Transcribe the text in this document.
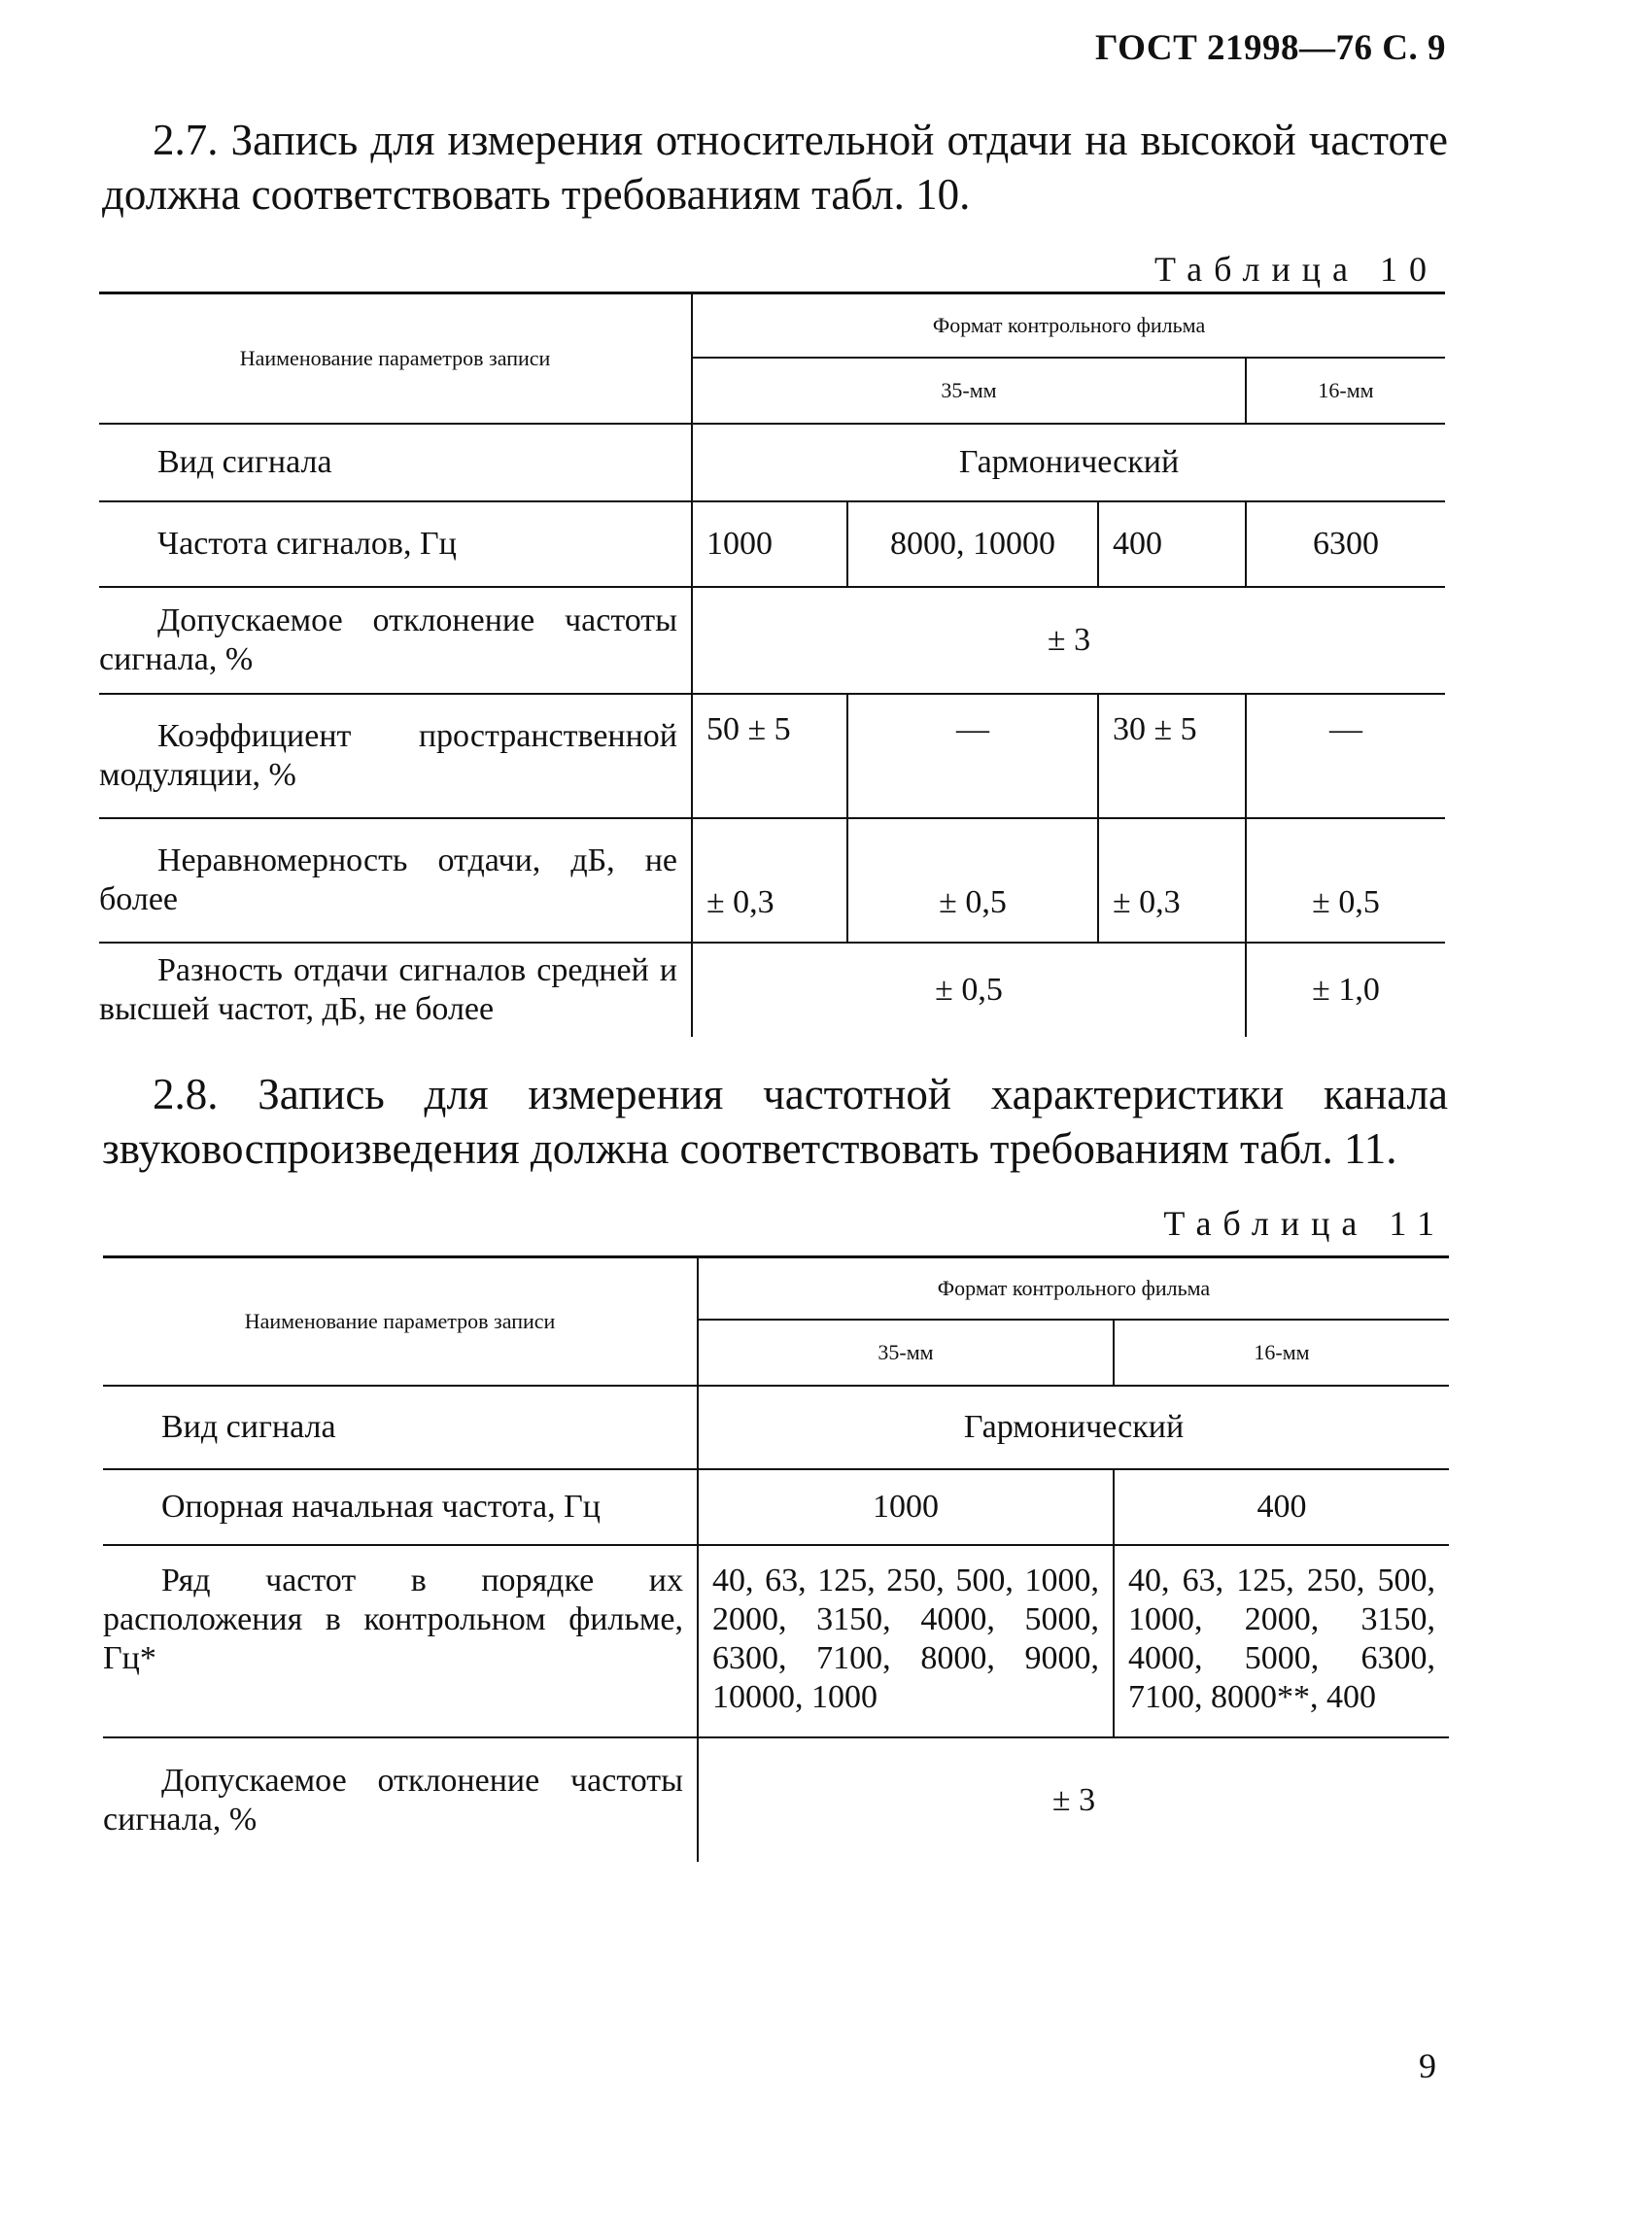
ГОСТ 21998—76 С. 9
2.7. Запись для измерения относительной отдачи на высокой частоте должна соответствовать требованиям табл. 10.
Таблица 10
Наименование параметров записи	Формат контрольного фильма			
	35-мм			16-мм
Вид сигнала	Гармонический			
Частота сигналов, Гц	1000	8000, 10000	400	6300
Допускаемое отклонение частоты сигнала, %	± 3			
Коэффициент пространственной модуляции, %	50 ± 5	—	30 ± 5	—
Неравномерность отдачи, дБ, не более	± 0,3	± 0,5	± 0,3	± 0,5
Разность отдачи сигналов средней и высшей частот, дБ, не более	± 0,5			± 1,0
2.8. Запись для измерения частотной характеристики канала звуковоспроизведения должна соответствовать требованиям табл. 11.
Таблица 11
Наименование параметров записи	Формат контрольного фильма	
	35-мм	16-мм
Вид сигнала	Гармонический	
Опорная начальная частота, Гц	1000	400
Ряд частот в порядке их расположения в контрольном фильме, Гц*	40, 63, 125, 250, 500, 1000, 2000, 3150, 4000, 5000, 6300, 7100, 8000, 9000, 10000, 1000	40, 63, 125, 250, 500, 1000, 2000, 3150, 4000, 5000, 6300, 7100, 8000**, 400
Допускаемое отклонение частоты сигнала, %	± 3	
9
